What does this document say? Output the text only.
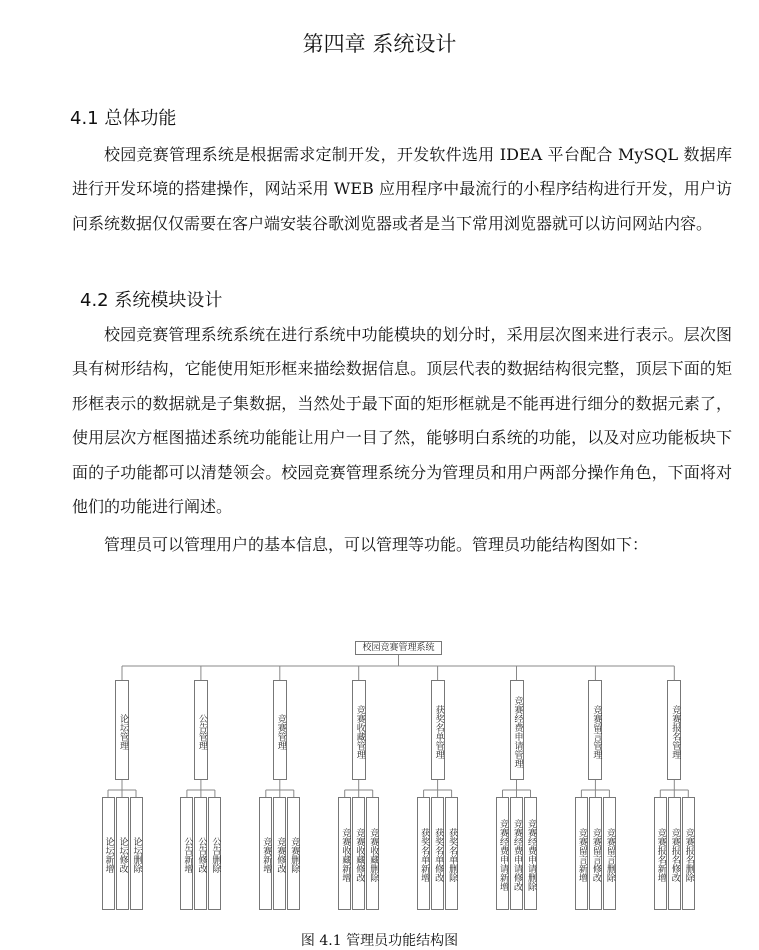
第四章 系统设计
4.1 总体功能

校园竞赛管理系统是根据需求定制开发，开发软件选用 IDEA 平台配合 MySQL 数据库进行开发环境的搭建操作，网站采用 WEB 应用程序中最流行的小程序结构进行开发，用户访问系统数据仅仅需要在客户端安装谷歌浏览器或者是当下常用浏览器就可以访问网站内容。

4.2 系统模块设计

校园竞赛管理系统系统在进行系统中功能模块的划分时，采用层次图来进行表示。层次图具有树形结构，它能使用矩形框来描绘数据信息。顶层代表的数据结构很完整，顶层下面的矩形框表示的数据就是子集数据，当然处于最下面的矩形框就是不能再进行细分的数据元素了，使用层次方框图描述系统功能能让用户一目了然，能够明白系统的功能，以及对应功能板块下面的子功能都可以清楚领会。校园竞赛管理系统分为管理员和用户两部分操作角色，下面将对他们的功能进行阐述。

管理员可以管理用户的基本信息，可以管理等功能。管理员功能结构图如下：

校园竞赛管理系统
论坛管理
论坛新增 论坛修改 论坛删除
公告管理
公告新增 公告修改 公告删除
竞赛管理
竞赛新增 竞赛修改 竞赛删除
竞赛收藏管理
竞赛收藏新增 竞赛收藏修改 竞赛收藏删除
获奖名单管理
获奖名单新增 获奖名单修改 获奖名单删除
竞赛经费申请管理
竞赛经费申请新增 竞赛经费申请修改 竞赛经费申请删除
竞赛留言管理
竞赛留言新增 竞赛留言修改 竞赛留言删除
竞赛报名管理
竞赛报名新增 竞赛报名修改 竞赛报名删除
图 4.1 管理员功能结构图
